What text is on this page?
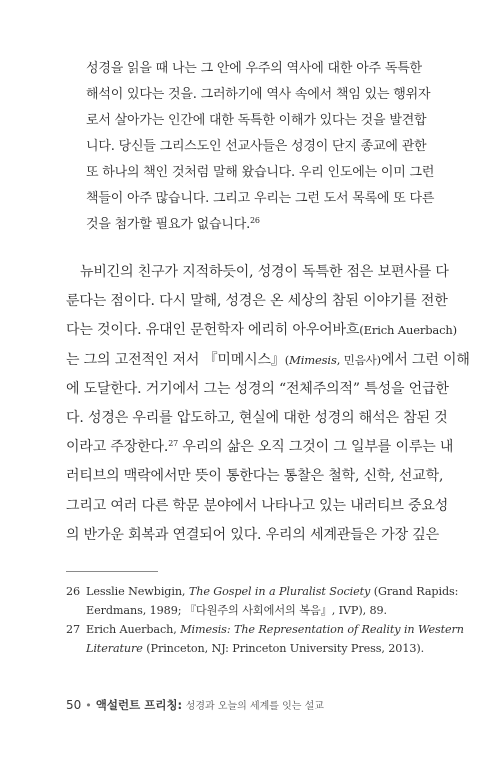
성경을 읽을 때 나는 그 안에 우주의 역사에 대한 아주 독특한
해석이 있다는 것을. 그러하기에 역사 속에서 책임 있는 행위자
로서 살아가는 인간에 대한 독특한 이해가 있다는 것을 발견합
니다. 당신들 그리스도인 선교사들은 성경이 단지 종교에 관한
또 하나의 책인 것처럼 말해 왔습니다. 우리 인도에는 이미 그런
책들이 아주 많습니다. 그리고 우리는 그런 도서 목록에 또 다른
것을 첨가할 필요가 없습니다.$^{26}$
뉴비긴의 친구가 지적하듯이, 성경이 독특한 점은 보편사를 다
룬다는 점이다. 다시 말해, 성경은 온 세상의 참된 이야기를 전한
다는 것이다. 유대인 문헌학자 에리히 아우어바흐(Erich Auerbach)
는 그의 고전적인 저서 『미메시스』(Mimesis, 민음사)에서 그런 이해
에 도달한다. 거기에서 그는 성경의 “전체주의적” 특성을 언급한
다. 성경은 우리를 압도하고, 현실에 대한 성경의 해석은 참된 것
이라고 주장한다.$^{27}$ 우리의 삶은 오직 그것이 그 일부를 이루는 내
러티브의 맥락에서만 뜻이 통한다는 통찰은 철학, 신학, 선교학,
그리고 여러 다른 학문 분야에서 나타나고 있는 내러티브 중요성
의 반가운 회복과 연결되어 있다. 우리의 세계관들은 가장 깊은
26 Lesslie Newbigin, The Gospel in a Pluralist Society (Grand Rapids:
Eerdmans, 1989; 『다원주의 사회에서의 복음』, IVP), 89.
27 Erich Auerbach, Mimesis: The Representation of Reality in Western
Literature (Princeton, NJ: Princeton University Press, 2013).
50 • 액설런트 프리칭: 성경과 오늘의 세계를 잇는 설교
